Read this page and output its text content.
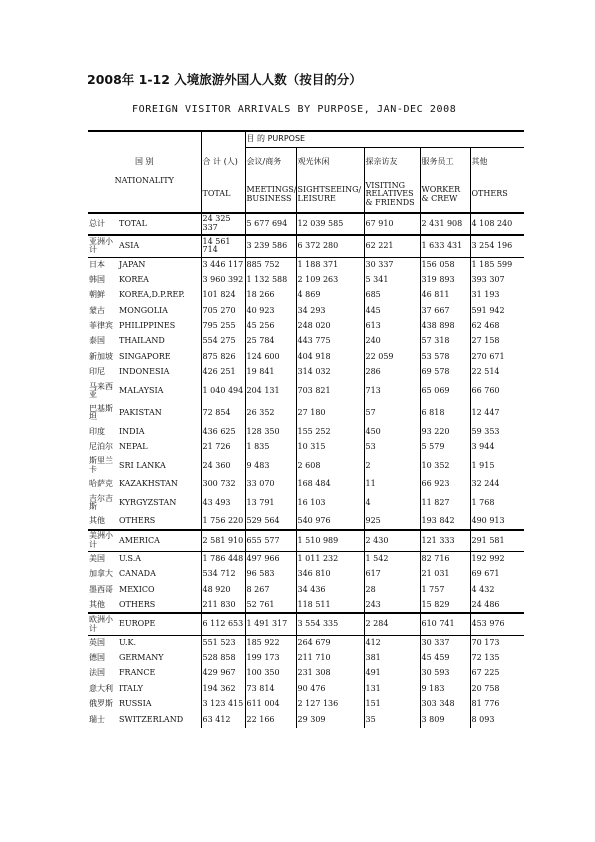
2008年 1-12 入境旅游外国人人数（按目的分）
FOREIGN VISITOR ARRIVALS BY PURPOSE, JAN-DEC 2008
			目 的 PURPOSE				
国 别		合 计 (人)	会议/商务	观光休闲	探亲访友	服务员工	其他
NATIONALITY		TOTAL	MEETINGS/ BUSINESS	SIGHTSEEING/ LEISURE	VISITING RELATIVES & FRIENDS	WORKER & CREW	OTHERS
总计	TOTAL	24 325 337	5 677 694	12 039 585	67 910	2 431 908	4 108 240
亚洲小计	ASIA	14 561 714	3 239 586	6 372 280	62 221	1 633 431	3 254 196
日本	JAPAN	3 446 117	885 752	1 188 371	30 337	156 058	1 185 599
韩国	KOREA	3 960 392	1 132 588	2 109 263	5 341	319 893	393 307
朝鲜	KOREA,D.P.REP.	101 824	18 266	4 869	685	46 811	31 193
蒙古	MONGOLIA	705 270	40 923	34 293	445	37 667	591 942
菲律宾	PHILIPPINES	795 255	45 256	248 020	613	438 898	62 468
泰国	THAILAND	554 275	25 784	443 775	240	57 318	27 158
新加坡	SINGAPORE	875 826	124 600	404 918	22 059	53 578	270 671
印尼	INDONESIA	426 251	19 841	314 032	286	69 578	22 514
马来西亚	MALAYSIA	1 040 494	204 131	703 821	713	65 069	66 760
巴基斯坦	PAKISTAN	72 854	26 352	27 180	57	6 818	12 447
印度	INDIA	436 625	128 350	155 252	450	93 220	59 353
尼泊尔	NEPAL	21 726	1 835	10 315	53	5 579	3 944
斯里兰卡	SRI LANKA	24 360	9 483	2 608	2	10 352	1 915
哈萨克	KAZAKHSTAN	300 732	33 070	168 484	11	66 923	32 244
吉尔吉斯	KYRGYZSTAN	43 493	13 791	16 103	4	11 827	1 768
其他	OTHERS	1 756 220	529 564	540 976	925	193 842	490 913
美洲小计	AMERICA	2 581 910	655 577	1 510 989	2 430	121 333	291 581
美国	U.S.A	1 786 448	497 966	1 011 232	1 542	82 716	192 992
加拿大	CANADA	534 712	96 583	346 810	617	21 031	69 671
墨西哥	MEXICO	48 920	8 267	34 436	28	1 757	4 432
其他	OTHERS	211 830	52 761	118 511	243	15 829	24 486
欧洲小计	EUROPE	6 112 653	1 491 317	3 554 335	2 284	610 741	453 976
英国	U.K.	551 523	185 922	264 679	412	30 337	70 173
德国	GERMANY	528 858	199 173	211 710	381	45 459	72 135
法国	FRANCE	429 967	100 350	231 308	491	30 593	67 225
意大利	ITALY	194 362	73 814	90 476	131	9 183	20 758
俄罗斯	RUSSIA	3 123 415	611 004	2 127 136	151	303 348	81 776
瑞士	SWITZERLAND	63 412	22 166	29 309	35	3 809	8 093
